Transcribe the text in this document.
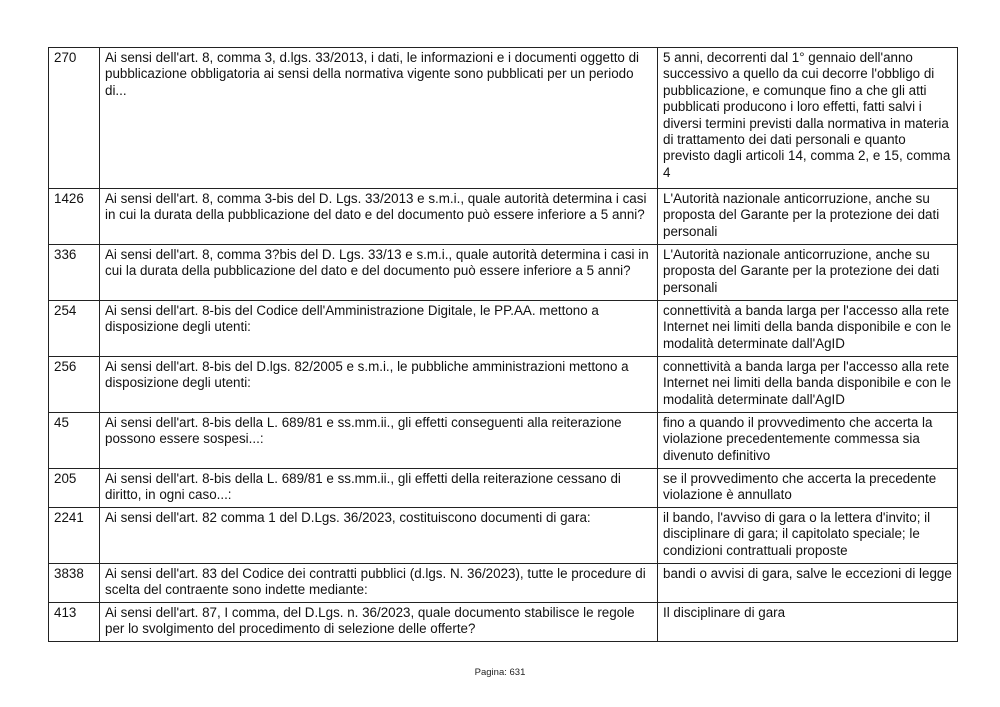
270	Ai sensi dell'art. 8, comma 3, d.lgs. 33/2013, i dati, le informazioni e i documenti oggetto di pubblicazione obbligatoria ai sensi della normativa vigente sono pubblicati per un periodo di...	5 anni, decorrenti dal 1° gennaio dell'anno successivo a quello da cui decorre l'obbligo di pubblicazione, e comunque fino a che gli atti pubblicati producono i loro effetti, fatti salvi i diversi termini previsti dalla normativa in materia di trattamento dei dati personali e quanto previsto dagli articoli 14, comma 2, e 15, comma 4
1426	Ai sensi dell'art. 8, comma 3-bis del D. Lgs. 33/2013 e s.m.i., quale autorità determina i casi in cui la durata della pubblicazione del dato e del documento può essere inferiore a 5 anni?	L'Autorità nazionale anticorruzione, anche su proposta del Garante per la protezione dei dati personali
336	Ai sensi dell'art. 8, comma 3?bis del D. Lgs. 33/13 e s.m.i., quale autorità determina i casi in cui la durata della pubblicazione del dato e del documento può essere inferiore a 5 anni?	L'Autorità nazionale anticorruzione, anche su proposta del Garante per la protezione dei dati personali
254	Ai sensi dell'art. 8-bis del Codice dell'Amministrazione Digitale, le PP.AA. mettono a disposizione degli utenti:	connettività a banda larga per l'accesso alla rete Internet nei limiti della banda disponibile e con le modalità determinate dall'AgID
256	Ai sensi dell'art. 8-bis del D.lgs. 82/2005 e s.m.i., le pubbliche amministrazioni mettono a disposizione degli utenti:	connettività a banda larga per l'accesso alla rete Internet nei limiti della banda disponibile e con le modalità determinate dall'AgID
45	Ai sensi dell'art. 8-bis della L. 689/81 e ss.mm.ii., gli effetti conseguenti alla reiterazione possono essere sospesi...:	fino a quando il provvedimento che accerta la violazione precedentemente commessa sia divenuto definitivo
205	Ai sensi dell'art. 8-bis della L. 689/81 e ss.mm.ii., gli effetti della reiterazione cessano di diritto, in ogni caso...:	se il provvedimento che accerta la precedente violazione è annullato
2241	Ai sensi dell'art. 82 comma 1 del D.Lgs. 36/2023, costituiscono documenti di gara:	il bando, l'avviso di gara o la lettera d'invito; il disciplinare di gara; il capitolato speciale; le condizioni contrattuali proposte
3838	Ai sensi dell'art. 83 del Codice dei contratti pubblici (d.lgs. N. 36/2023), tutte le procedure di scelta del contraente sono indette mediante:	bandi o avvisi di gara, salve le eccezioni di legge
413	Ai sensi dell'art. 87, I comma, del D.Lgs. n. 36/2023, quale documento stabilisce le regole per lo svolgimento del procedimento di selezione delle offerte?	Il disciplinare di gara
Pagina: 631
